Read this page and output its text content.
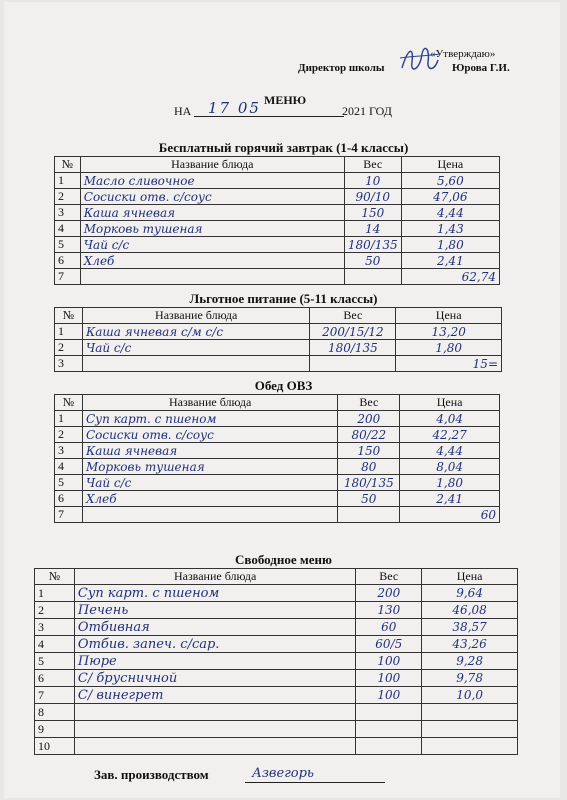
«Утверждаю»
Директор школы	Юрова Г.И.
МЕНЮ
НА 17 05	2021 ГОД
Бесплатный горячий завтрак (1-4 классы)
№	Название блюда	Вес	Цена
1	Масло сливочное	10	5,60
2	Сосиски отв. с/соус	90/10	47,06
3	Каша ячневая	150	4,44
4	Морковь тушеная	14	1,43
5	Чай с/с	180/135	1,80
6	Хлеб	50	2,41
7			62,74
Льготное питание (5-11 классы)
№	Название блюда	Вес	Цена
1	Каша ячневая с/м с/с	200/15/12	13,20
2	Чай с/с	180/135	1,80
3			15=
Обед ОВЗ
№	Название блюда	Вес	Цена
1	Суп карт. с пшеном	200	4,04
2	Сосиски отв. с/соус	80/22	42,27
3	Каша ячневая	150	4,44
4	Морковь тушеная	80	8,04
5	Чай с/с	180/135	1,80
6	Хлеб	50	2,41
7			60
Свободное меню
№	Название блюда	Вес	Цена
1	Суп карт. с пшеном	200	9,64
2	Печень	130	46,08
3	Отбивная	60	38,57
4	Отбив. запеч. с/сар.	60/5	43,26
5	Пюре	100	9,28
6	С/ брусничной	100	9,78
7	С/ винегрет	100	10,0
8			
9			
10			
Зав. производством	Азвегорь
